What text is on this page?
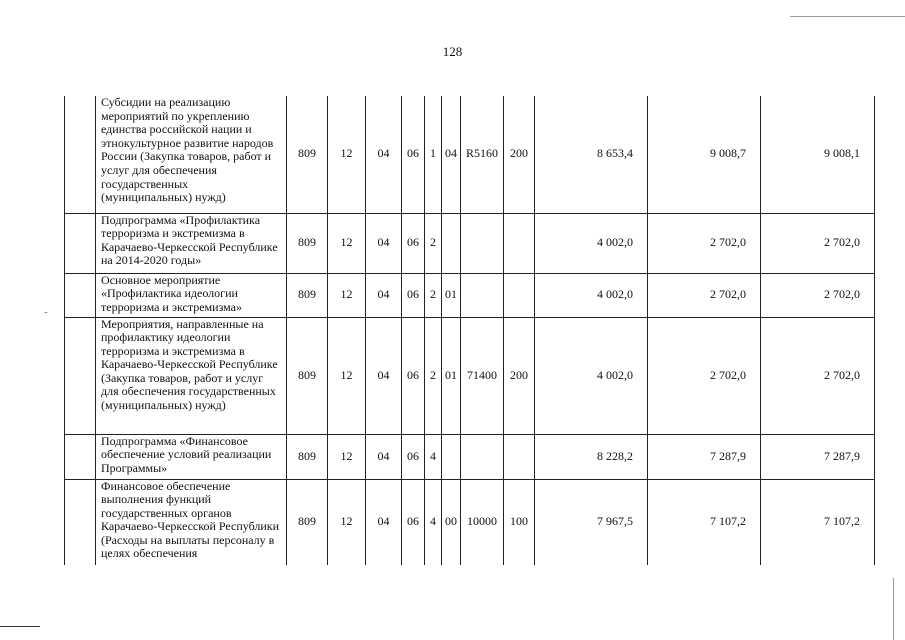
128
-
	Субсидии на реализацию мероприятий по укреплению единства российской нации и этнокультурное развитие народов России (Закупка товаров, работ и услуг для обеспечения государственных (муниципальных) нужд)	809	12	04	06	1	04	R5160	200	8 653,4	9 008,7	9 008,1
	Подпрограмма «Профилактика терроризма и экстремизма в Карачаево-Черкесской Республике на 2014-2020 годы»	809	12	04	06	2				4 002,0	2 702,0	2 702,0
	Основное мероприятие «Профилактика идеологии терроризма и экстремизма»	809	12	04	06	2	01			4 002,0	2 702,0	2 702,0
	Мероприятия, направленные на профилактику идеологии терроризма и экстремизма в Карачаево-Черкесской Республике (Закупка товаров, работ и услуг для обеспечения государственных (муниципальных) нужд)	809	12	04	06	2	01	71400	200	4 002,0	2 702,0	2 702,0
	Подпрограмма «Финансовое обеспечение условий реализации Программы»	809	12	04	06	4				8 228,2	7 287,9	7 287,9
	Финансовое обеспечение выполнения функций государственных органов Карачаево-Черкесской Республики (Расходы на выплаты персоналу в целях обеспечения	809	12	04	06	4	00	10000	100	7 967,5	7 107,2	7 107,2
